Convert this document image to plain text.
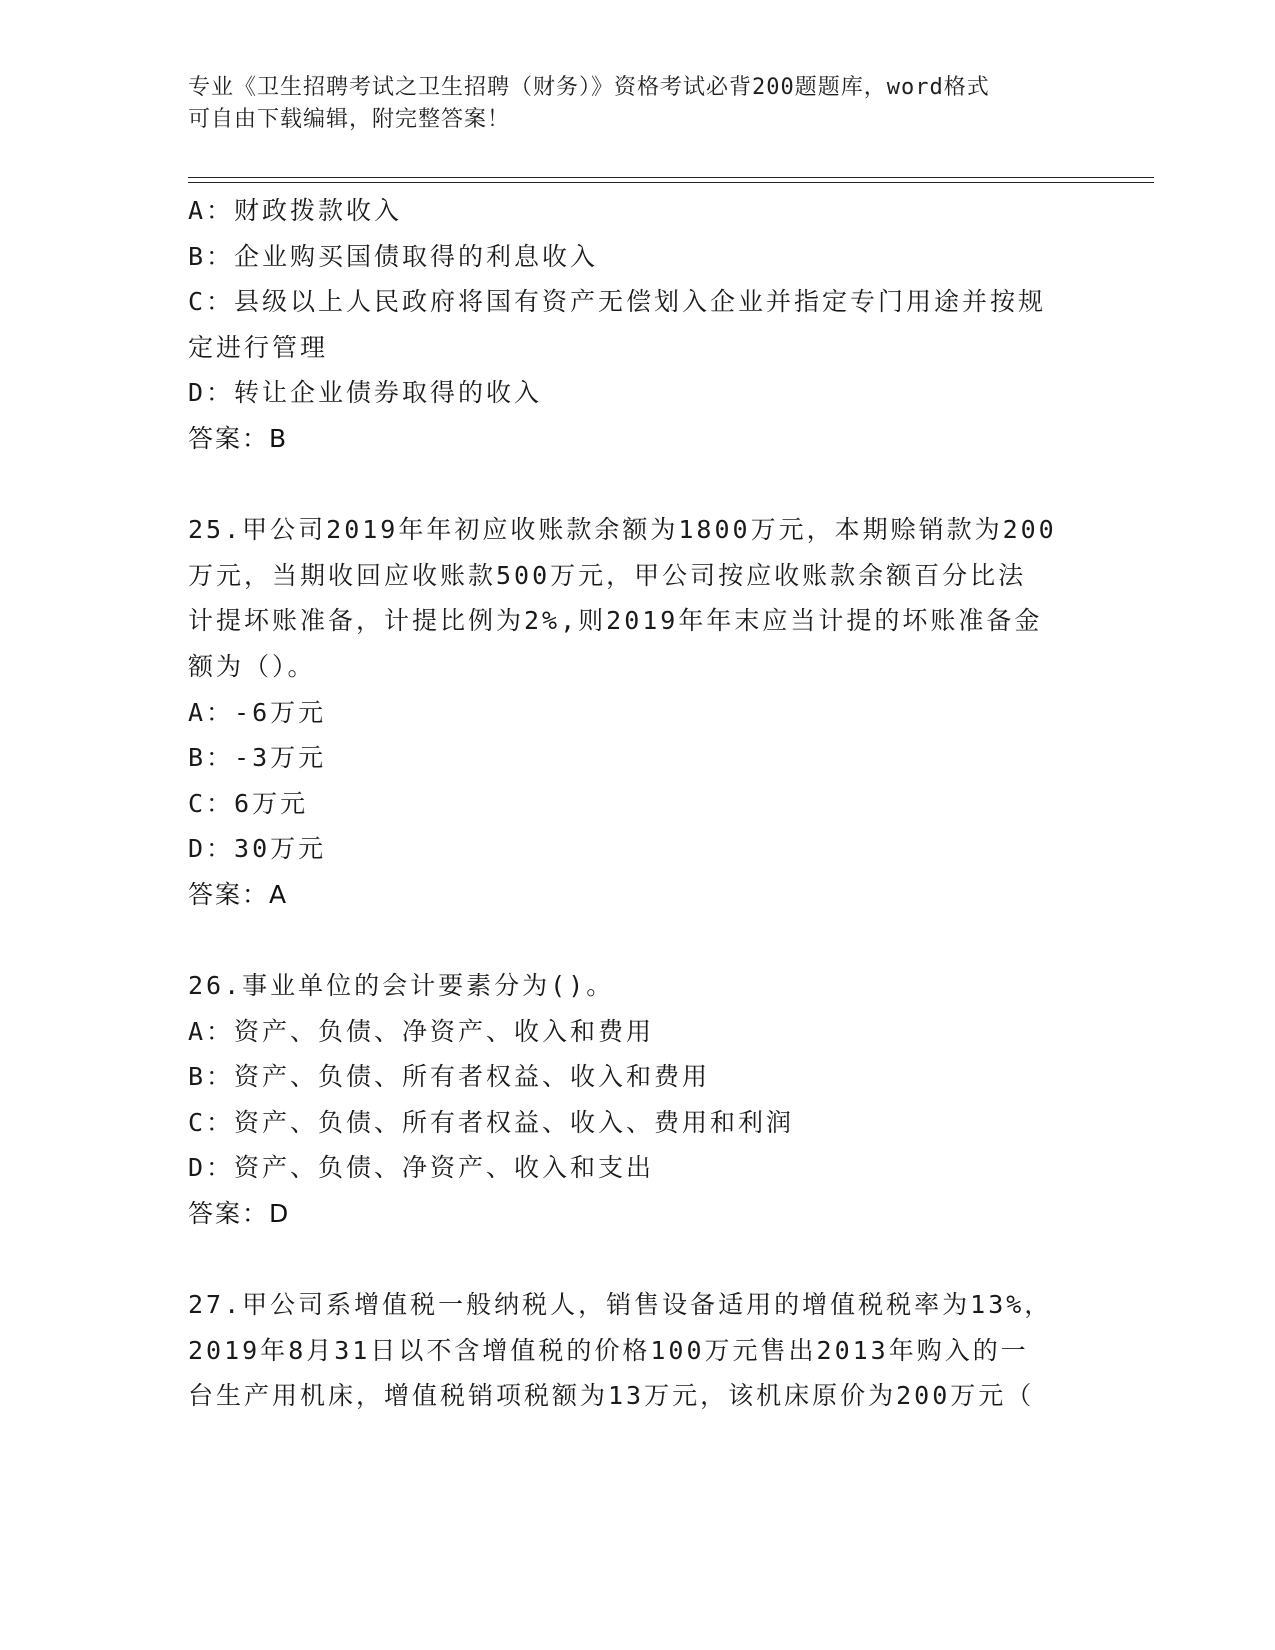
专业《卫生招聘考试之卫生招聘（财务）》资格考试必背200题题库，word格式
可自由下载编辑，附完整答案！
A：财政拨款收入
B：企业购买国债取得的利息收入
C：县级以上人民政府将国有资产无偿划入企业并指定专门用途并按规
定进行管理
D：转让企业债券取得的收入
答案：B
25.甲公司2019年年初应收账款余额为1800万元，本期赊销款为200
万元，当期收回应收账款500万元，甲公司按应收账款余额百分比法
计提坏账准备，计提比例为2%,则2019年年末应当计提的坏账准备金
额为（）。
A：-6万元
B：-3万元
C：6万元
D：30万元
答案：A
26.事业单位的会计要素分为()。
A：资产、负债、净资产、收入和费用
B：资产、负债、所有者权益、收入和费用
C：资产、负债、所有者权益、收入、费用和利润
D：资产、负债、净资产、收入和支出
答案：D
27.甲公司系增值税一般纳税人，销售设备适用的增值税税率为13%，
2019年8月31日以不含增值税的价格100万元售出2013年购入的一
台生产用机床，增值税销项税额为13万元，该机床原价为200万元（
